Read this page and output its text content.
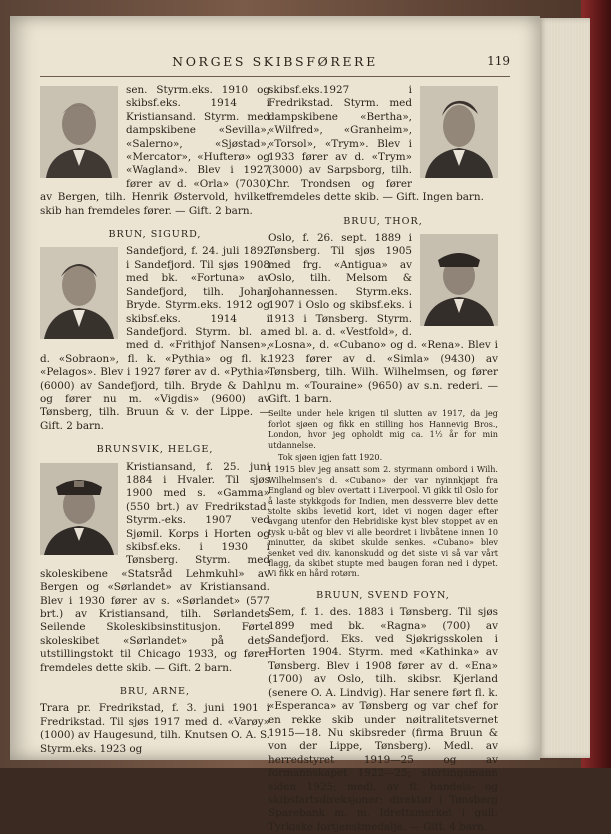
NORGES SKIBSFØRERE	119

sen. Styrm.eks. 1910 og skibsf.eks. 1914 i Kristiansand. Styrm. med dampskibene «Sevilla», «Salerno», «Sjøstad», «Mercator», «Hufterø» og «Wagland». Blev i 1927 fører av d. «Orla» (7030) av Bergen, tilh. Henrik Østervold, hvilket skib han fremdeles fører. — Gift. 2 barn.

BRUN, SIGURD,

Sandefjord, f. 24. juli 1892 i Sandefjord. Til sjøs 1908 med bk. «Fortuna» av Sandefjord, tilh. Johan Bryde. Styrm.eks. 1912 og skibsf.eks. 1914 i Sandefjord. Styrm. bl. a. med d. «Frithjof Nansen», d. «Sobraon», fl. k. «Pythia» og fl. k. «Pelagos». Blev i 1927 fører av d. «Pythia» (6000) av Sandefjord, tilh. Bryde & Dahl, og fører nu m. «Vigdis» (9600) av Tønsberg, tilh. Bruun & v. der Lippe. — Gift. 2 barn.

BRUNSVIK, HELGE,

Kristiansand, f. 25. juni 1884 i Hvaler. Til sjøs 1900 med s. «Gamma» (550 brt.) av Fredrikstad. Styrm.-eks. 1907 ved Sjømil. Korps i Horten og skibsf.eks. i 1930 i Tønsberg. Styrm. med skoleskibene «Statsråd Lehmkuhl» av Bergen og «Sørlandet» av Kristiansand. Blev i 1930 fører av s. «Sørlandet» (577 brt.) av Kristiansand, tilh. Sørlandets Seilende Skoleskibsinstitusjon. Førte skoleskibet «Sørlandet» på dets utstillingstokt til Chicago 1933, og fører fremdeles dette skib. — Gift. 2 barn.

BRU, ARNE,

Trara pr. Fredrikstad, f. 3. juni 1901 i Fredrikstad. Til sjøs 1917 med d. «Varøy» (1000) av Haugesund, tilh. Knutsen O. A. S. Styrm.eks. 1923 og

skibsf.eks.1927 i Fredrikstad. Styrm. med dampskibene «Bertha», «Wilfred», «Granheim», «Torsol», «Trym». Blev i 1933 fører av d. «Trym» (3000) av Sarpsborg, tilh. Chr. Trondsen og fører fremdeles dette skib. — Gift. Ingen barn.

BRUU, THOR,

Oslo, f. 26. sept. 1889 i Tønsberg. Til sjøs 1905 med frg. «Antigua» av Oslo, tilh. Melsom & Johannessen. Styrm.eks. 1907 i Oslo og skibsf.eks. i 1913 i Tønsberg. Styrm. med bl. a. d. «Vestfold», d. «Losna», d. «Cubano» og d. «Rena». Blev i 1923 fører av d. «Simla» (9430) av Tønsberg, tilh. Wilh. Wilhelmsen, og fører nu m. «Touraine» (9650) av s.n. rederi. — Gift. 1 barn.

Seilte under hele krigen til slutten av 1917, da jeg forlot sjøen og fikk en stilling hos Hannevig Bros., London, hvor jeg opholdt mig ca. 1½ år for min utdannelse.

Tok sjøen igjen fatt 1920.

I 1915 blev jeg ansatt som 2. styrmann ombord i Wilh. Wilhelmsen's d. «Cubano» der var nyinnkjøpt fra England og blev overtatt i Liverpool. Vi gikk til Oslo for å laste stykkgods for Indien, men dessverre blev dette stolte skibs levetid kort, idet vi nogen dager efter avgang utenfor den Hebridiske kyst blev stoppet av en tysk u-båt og blev vi alle beordret i livbåtene innen 10 minutter, da skibet skulde senkes. «Cubano» blev senket ved div. kanonskudd og det siste vi så var vårt flagg, da skibet stupte med baugen foran ned i dypet. Vi fikk en hård rotørn.

BRUUN, SVEND FOYN,

Sem, f. 1. des. 1883 i Tønsberg. Til sjøs 1899 med bk. «Ragna» (700) av Sandefjord. Eks. ved Sjøkrigsskolen i Horten 1904. Styrm. med «Kathinka» av Tønsberg. Blev i 1908 fører av d. «Ena» (1700) av Oslo, tilh. skibsr. Kjerland (senere O. A. Lindvig). Har senere ført fl. k. «Esperanca» av Tønsberg og var chef for en rekke skib under nøitralitetsvernet 1915—18. Nu skibsreder (firma Bruun & von der Lippe, Tønsberg). Medl. av herredstyret 1919—25 og av formannskapet 1922—25; stortingsmann siden 1925; medl. av fl. handels- og skibsfartsdireksjoner; direktør i Tønsberg Sparebank m. m. Idrettsmerket i gull; Tyrkiske fortjenstmedalje. — Gift. 4 barn.
